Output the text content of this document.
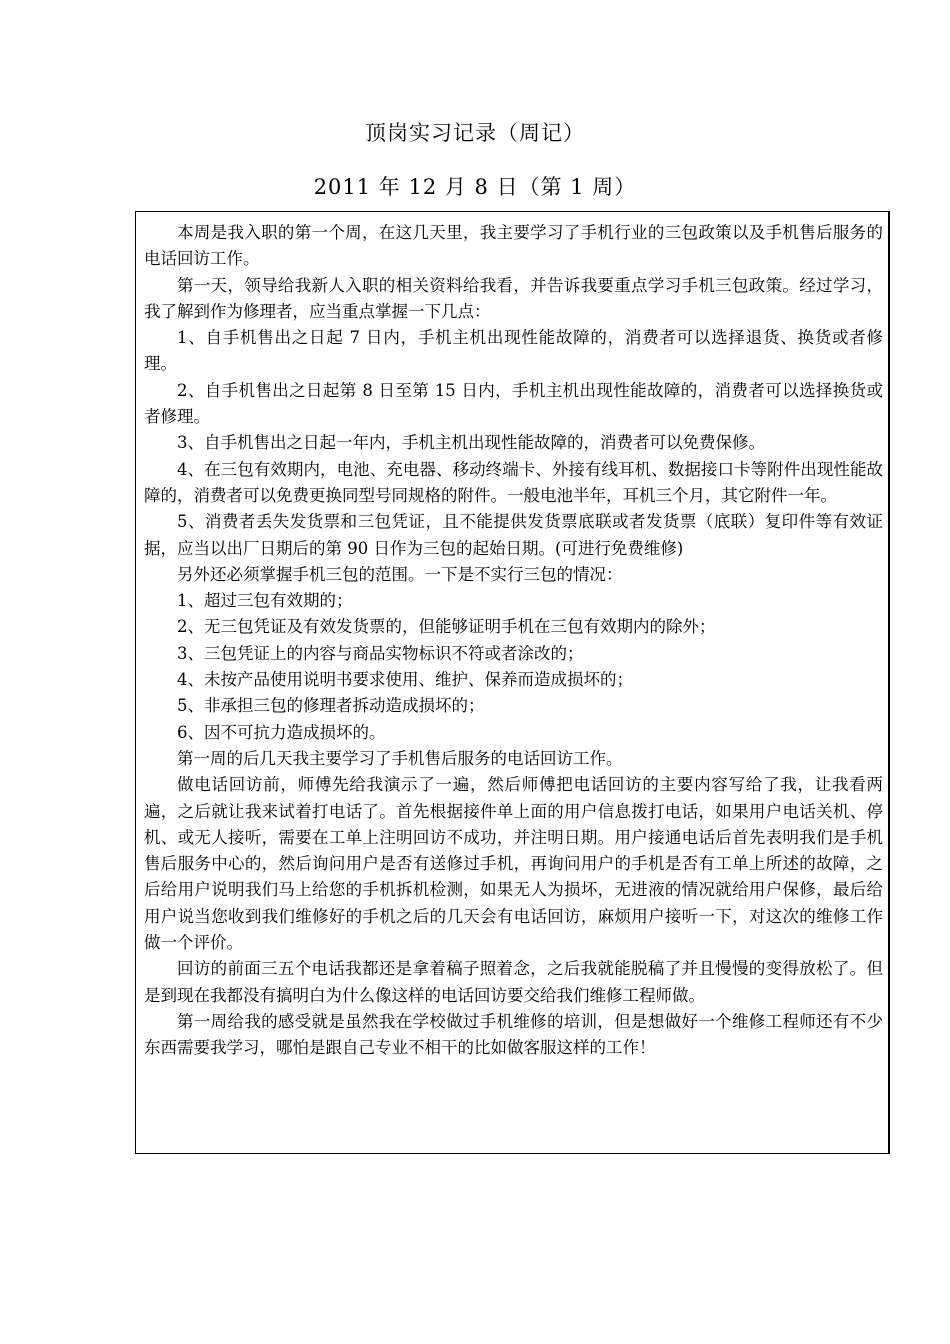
顶岗实习记录（周记）
2011 年 12 月 8 日（第 1 周）

本周是我入职的第一个周，在这几天里，我主要学习了手机行业的三包政策以及手机售后服务的电话回访工作。

第一天，领导给我新人入职的相关资料给我看，并告诉我要重点学习手机三包政策。经过学习，我了解到作为修理者，应当重点掌握一下几点：

1、自手机售出之日起 7 日内，手机主机出现性能故障的，消费者可以选择退货、换货或者修理。

2、自手机售出之日起第 8 日至第 15 日内，手机主机出现性能故障的，消费者可以选择换货或者修理。

3、自手机售出之日起一年内，手机主机出现性能故障的，消费者可以免费保修。

4、在三包有效期内，电池、充电器、移动终端卡、外接有线耳机、数据接口卡等附件出现性能故障的，消费者可以免费更换同型号同规格的附件。一般电池半年，耳机三个月，其它附件一年。

5、消费者丢失发货票和三包凭证，且不能提供发货票底联或者发货票（底联）复印件等有效证据，应当以出厂日期后的第 90 日作为三包的起始日期。(可进行免费维修)

另外还必须掌握手机三包的范围。一下是不实行三包的情况：

1、超过三包有效期的；

2、无三包凭证及有效发货票的，但能够证明手机在三包有效期内的除外；

3、三包凭证上的内容与商品实物标识不符或者涂改的；

4、未按产品使用说明书要求使用、维护、保养而造成损坏的；

5、非承担三包的修理者拆动造成损坏的；

6、因不可抗力造成损坏的。

第一周的后几天我主要学习了手机售后服务的电话回访工作。

做电话回访前，师傅先给我演示了一遍，然后师傅把电话回访的主要内容写给了我，让我看两遍，之后就让我来试着打电话了。首先根据接件单上面的用户信息拨打电话，如果用户电话关机、停机、或无人接听，需要在工单上注明回访不成功，并注明日期。用户接通电话后首先表明我们是手机售后服务中心的，然后询问用户是否有送修过手机，再询问用户的手机是否有工单上所述的故障，之后给用户说明我们马上给您的手机拆机检测，如果无人为损坏，无进液的情况就给用户保修，最后给用户说当您收到我们维修好的手机之后的几天会有电话回访，麻烦用户接听一下，对这次的维修工作做一个评价。

回访的前面三五个电话我都还是拿着稿子照着念，之后我就能脱稿了并且慢慢的变得放松了。但是到现在我都没有搞明白为什么像这样的电话回访要交给我们维修工程师做。

第一周给我的感受就是虽然我在学校做过手机维修的培训，但是想做好一个维修工程师还有不少东西需要我学习，哪怕是跟自己专业不相干的比如做客服这样的工作！
